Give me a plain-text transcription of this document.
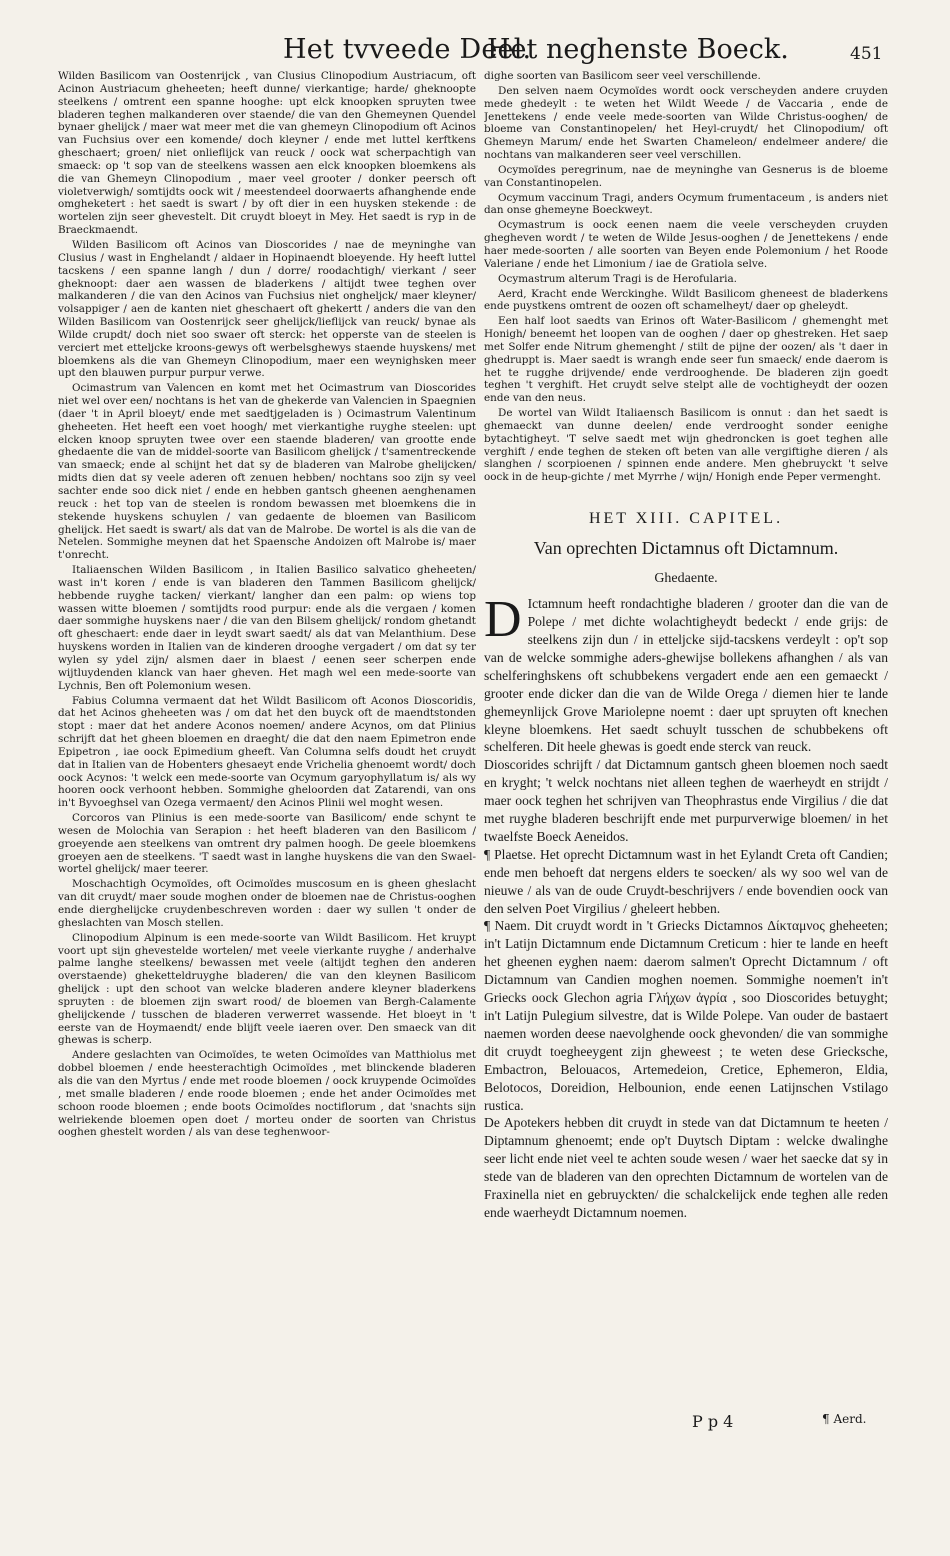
Het tvveede Deel.
Het neghenste Boeck.	451

Wilden Basilicom van Oostenrijck , van Clusius Clinopodium Austriacum, oft Acinon Austriacum gheheeten; heeft dunne/ vierkantige; harde/ gheknoopte steelkens / omtrent een spanne hooghe: upt elck knoopken spruyten twee bladeren teghen malkanderen over staende/ die van den Ghemeynen Quendel bynaer ghelijck / maer wat meer met die van ghemeyn Clinopodium oft Acinos van Fuchsius over een komende/ doch kleyner / ende met luttel kerftkens gheschaert; groen/ niet onlieflijck van reuck / oock wat scherpachtigh van smaeck: op 't sop van de steelkens wassen aen elck knoopken bloemkens als die van Ghemeyn Clinopodium , maer veel grooter / donker peersch oft violetverwigh/ somtijdts oock wit / meestendeel doorwaerts afhanghende ende omgheketert : het saedt is swart / by oft dier in een huysken stekende : de wortelen zijn seer ghevestelt. Dit cruydt bloeyt in Mey. Het saedt is ryp in de Braeckmaendt.

Wilden Basilicom oft Acinos van Dioscorides / nae de meyninghe van Clusius / wast in Enghelandt / aldaer in Hopinaendt bloeyende. Hy heeft luttel tacskens / een spanne langh / dun / dorre/ roodachtigh/ vierkant / seer gheknoopt: daer aen wassen de bladerkens / altijdt twee teghen over malkanderen / die van den Acinos van Fuchsius niet ongheljck/ maer kleyner/ volsappiger / aen de kanten niet gheschaert oft ghekertt / anders die van den Wilden Basilicom van Oostenrijck seer ghelijck/lieflijck van reuck/ bynae als Wilde crupdt/ doch niet soo swaer oft sterck: het opperste van de steelen is verciert met etteljcke kroons-gewys oft werbelsghewys staende huyskens/ met bloemkens als die van Ghemeyn Clinopodium, maer een weynighsken meer upt den blauwen purpur purpur verwe.

Ocimastrum van Valencen en komt met het Ocimastrum van Dioscorides niet wel over een/ nochtans is het van de ghekerde van Valencien in Spaegnien (daer 't in April bloeyt/ ende met saedtjgeladen is ) Ocimastrum Valentinum gheheeten. Het heeft een voet hoogh/ met vierkantighe ruyghe steelen: upt elcken knoop spruyten twee over een staende bladeren/ van grootte ende ghedaente die van de middel-soorte van Basilicom ghelijck / t'samentreckende van smaeck; ende al schijnt het dat sy de bladeren van Malrobe ghelijcken/ midts dien dat sy veele aderen oft zenuen hebben/ nochtans soo zijn sy veel sachter ende soo dick niet / ende en hebben gantsch gheenen aenghenamen reuck : het top van de steelen is rondom bewassen met bloemkens die in stekende huyskens schuylen / van gedaente de bloemen van Basilicom ghelijck. Het saedt is swart/ als dat van de Malrobe. De wortel is als die van de Netelen. Sommighe meynen dat het Spaensche Andoizen oft Malrobe is/ maer t'onrecht.

Italiaenschen Wilden Basilicom , in Italien Basilico salvatico gheheeten/ wast in't koren / ende is van bladeren den Tammen Basilicom ghelijck/ hebbende ruyghe tacken/ vierkant/ langher dan een palm: op wiens top wassen witte bloemen / somtijdts rood purpur: ende als die vergaen / komen daer sommighe huyskens naer / die van den Bilsem ghelijck/ rondom ghetandt oft gheschaert: ende daer in leydt swart saedt/ als dat van Melanthium. Dese huyskens worden in Italien van de kinderen drooghe vergadert / om dat sy ter wylen sy ydel zijn/ alsmen daer in blaest / eenen seer scherpen ende wijtluydenden klanck van haer gheven. Het magh wel een mede-soorte van Lychnis, Ben oft Polemonium wesen.

Fabius Columna vermaent dat het Wildt Basilicom oft Aconos Dioscoridis, dat het Acinos gheheeten was / om dat het den buyck oft de maendtstonden stopt : maer dat het andere Aconos noemen/ andere Acynos, om dat Plinius schrijft dat het gheen bloemen en draeght/ die dat den naem Epimetron ende Epipetron , iae oock Epimedium gheeft. Van Columna selfs doudt het cruydt dat in Italien van de Hobenters ghesaeyt ende Vrichelia ghenoemt wordt/ doch oock Acynos: 't welck een mede-soorte van Ocymum garyophyllatum is/ als wy hooren oock verhoont hebben. Sommighe gheloorden dat Zatarendi, van ons in't Byvoeghsel van Ozega vermaent/ den Acinos Plinii wel moght wesen.

Corcoros van Plinius is een mede-soorte van Basilicom/ ende schynt te wesen de Molochia van Serapion : het heeft bladeren van den Basilicom / groeyende aen steelkens van omtrent dry palmen hoogh. De geele bloemkens groeyen aen de steelkens. 'T saedt wast in langhe huyskens die van den Swael-wortel ghelijck/ maer teerer.

Moschachtigh Ocymoïdes, oft Ocimoïdes muscosum en is gheen gheslacht van dit cruydt/ maer soude moghen onder de bloemen nae de Christus-ooghen ende dierghelijcke cruydenbeschreven worden : daer wy sullen 't onder de gheslachten van Mosch stellen.

Clinopodium Alpinum is een mede-soorte van Wildt Basilicom. Het kruypt voort upt sijn ghevestelde wortelen/ met veele vierkante ruyghe / anderhalve palme langhe steelkens/ bewassen met veele (altijdt teghen den anderen overstaende) gheketteldruyghe bladeren/ die van den kleynen Basilicom ghelijck : upt den schoot van welcke bladeren andere kleyner bladerkens spruyten : de bloemen zijn swart rood/ de bloemen van Bergh-Calamente ghelijckende / tusschen de bladeren verwerret wassende. Het bloeyt in 't eerste van de Hoymaendt/ ende blijft veele iaeren over. Den smaeck van dit ghewas is scherp.

Andere geslachten van Ocimoïdes, te weten Ocimoïdes van Matthiolus met dobbel bloemen / ende heesterachtigh Ocimoïdes , met blinckende bladeren als die van den Myrtus / ende met roode bloemen / oock kruypende Ocimoïdes , met smalle bladeren / ende roode bloemen ; ende het ander Ocimoïdes met schoon roode bloemen ; ende boots Ocimoïdes noctiflorum , dat 'snachts sijn welriekende bloemen open doet / morteu onder de soorten van Christus ooghen ghestelt worden / als van dese teghenwoor-

dighe soorten van Basilicom seer veel verschillende.

Den selven naem Ocymoïdes wordt oock verscheyden andere cruyden mede ghedeylt : te weten het Wildt Weede / de Vaccaria , ende de Jenettekens / ende veele mede-soorten van Wilde Christus-ooghen/ de bloeme van Constantinopelen/ het Heyl-cruydt/ het Clinopodium/ oft Ghemeyn Marum/ ende het Swarten Chameleon/ endelmeer andere/ die nochtans van malkanderen seer veel verschillen.

Ocymoïdes peregrinum, nae de meyninghe van Gesnerus is de bloeme van Constantinopelen.

Ocymum vaccinum Tragi, anders Ocymum frumentaceum , is anders niet dan onse ghemeyne Boeckweyt.

Ocymastrum is oock eenen naem die veele verscheyden cruyden ghegheven wordt / te weten de Wilde Jesus-ooghen / de Jenettekens / ende haer mede-soorten / alle soorten van Beyen ende Polemonium / het Roode Valeriane / ende het Limonium / iae de Gratiola selve.

Ocymastrum alterum Tragi is de Herofularia.

Aerd, Kracht ende Werckinghe. Wildt Basilicom gheneest de bladerkens ende puystkens omtrent de oozen oft schamelheyt/ daer op gheleydt.

Een half loot saedts van Erinos oft Water-Basilicom / ghemenght met Honigh/ beneemt het loopen van de ooghen / daer op ghestreken. Het saep met Solfer ende Nitrum ghemenght / stilt de pijne der oozen/ als 't daer in ghedruppt is. Maer saedt is wrangh ende seer fun smaeck/ ende daerom is het te rugghe drijvende/ ende verdrooghende. De bladeren zijn goedt teghen 't verghift. Het cruydt selve stelpt alle de vochtigheydt der oozen ende van den neus.

De wortel van Wildt Italiaensch Basilicom is onnut : dan het saedt is ghemaeckt van dunne deelen/ ende verdrooght sonder eenighe bytachtigheyt. 'T selve saedt met wijn ghedroncken is goet teghen alle verghift / ende teghen de steken oft beten van alle vergiftighe dieren / als slanghen / scorpioenen / spinnen ende andere. Men ghebruyckt 't selve oock in de heup-gichte / met Myrrhe / wijn/ Honigh ende Peper vermenght.

HET XIII. CAPITEL.
Van oprechten Dictamnus oft Dictamnum.
Ghedaente.

D Ictamnum heeft rondachtighe bladeren / grooter dan die van de Polepe / met dichte wolachtigheydt bedeckt / ende grijs: de steelkens zijn dun / in etteljcke sijd-tacskens verdeylt : op't sop van de welcke sommighe aders-ghewijse bollekens afhanghen / als van schelferinghskens oft schubbekens vergadert ende aen een gemaeckt / grooter ende dicker dan die van de Wilde Orega / diemen hier te lande ghemeynlijck Grove Mariolepne noemt : daer upt spruyten oft knechen kleyne bloemkens. Het saedt schuylt tusschen de schubbekens oft schelferen. Dit heele ghewas is goedt ende sterck van reuck.

Dioscorides schrijft / dat Dictamnum gantsch gheen bloemen noch saedt en kryght; 't welck nochtans niet alleen teghen de waerheydt en strijdt / maer oock teghen het schrijven van Theophrastus ende Virgilius / die dat met ruyghe bladeren beschrijft ende met purpurverwige bloemen/ in het twaelfste Boeck Aeneidos.

¶ Plaetse. Het oprecht Dictamnum wast in het Eylandt Creta oft Candien; ende men behoeft dat nergens elders te soecken/ als wy soo wel van de nieuwe / als van de oude Cruydt-beschrijvers / ende bovendien oock van den selven Poet Virgilius / gheleert hebben.

¶ Naem. Dit cruydt wordt in 't Griecks Dictamnos Δίκταμνος gheheeten; in't Latijn Dictamnum ende Dictamnum Creticum : hier te lande en heeft het gheenen eyghen naem: daerom salmen't Oprecht Dictamnum / oft Dictamnum van Candien moghen noemen. Sommighe noemen't in't Griecks oock Glechon agria Γλήχων ἀγρία , soo Dioscorides betuyght; in't Latijn Pulegium silvestre, dat is Wilde Polepe. Van ouder de bastaert naemen worden deese naevolghende oock ghevonden/ die van sommighe dit cruydt toegheeygent zijn gheweest ; te weten dese Griecksche, Embactron, Belouacos, Artemedeion, Cretice, Ephemeron, Eldia, Belotocos, Doreidion, Helbounion, ende eenen Latijnschen Vstilago rustica.

De Apotekers hebben dit cruydt in stede van dat Dictamnum te heeten / Diptamnum ghenoemt; ende op't Duytsch Diptam : welcke dwalinghe seer licht ende niet veel te achten soude wesen / waer het saecke dat sy in stede van de bladeren van den oprechten Dictamnum de wortelen van de Fraxinella niet en gebruyckten/ die schalckelijck ende teghen alle reden ende waerheydt Dictamnum noemen.

P p 4	¶ Aerd.
